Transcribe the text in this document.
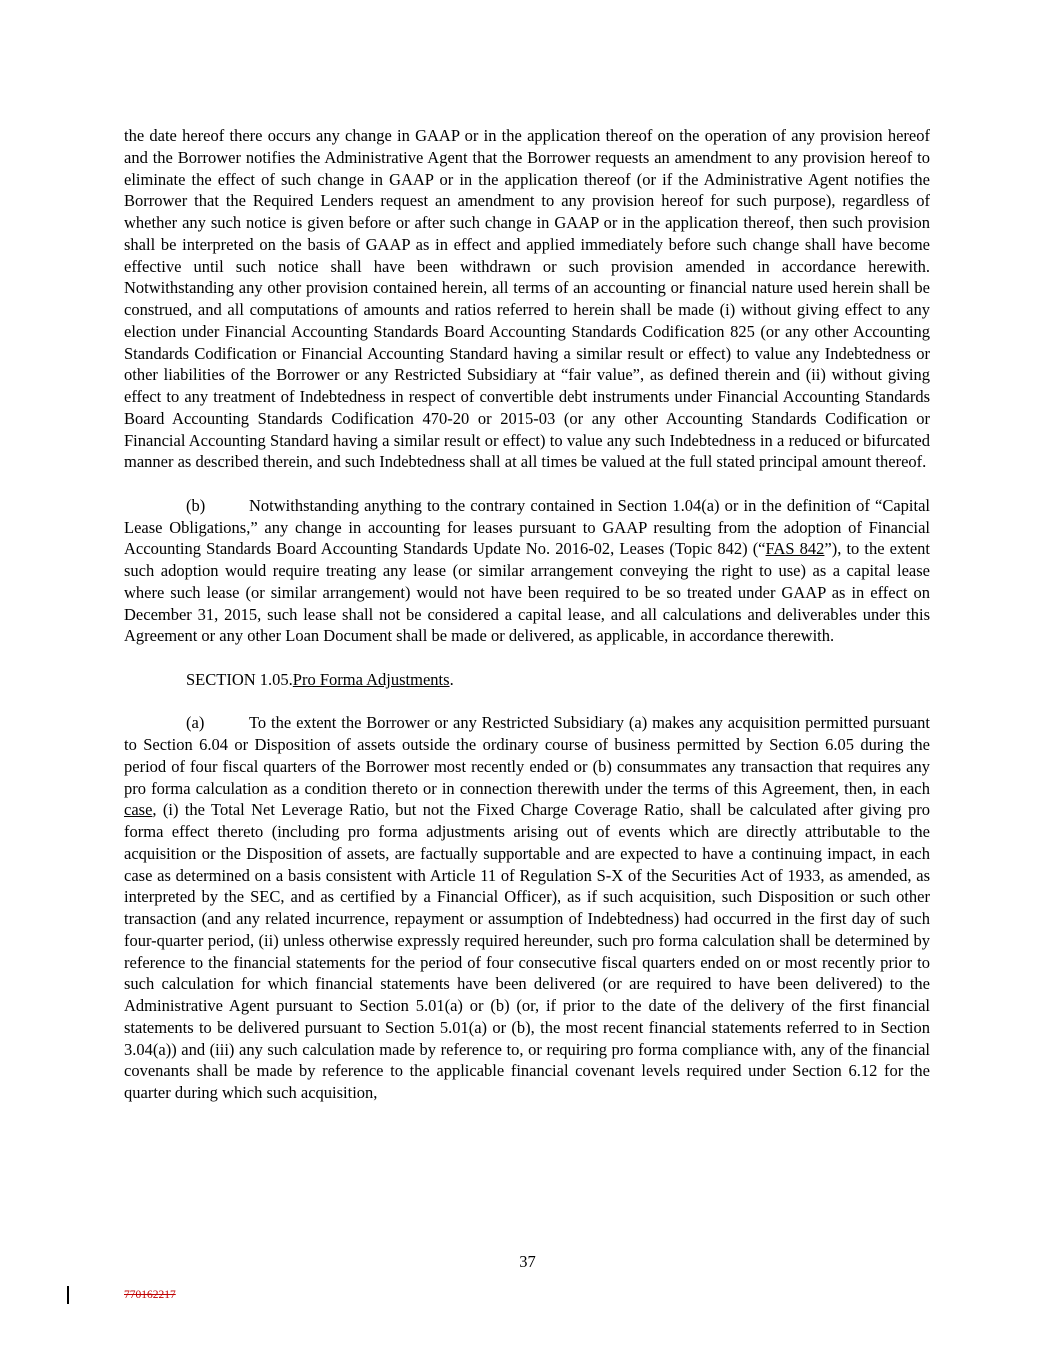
the date hereof there occurs any change in GAAP or in the application thereof on the operation of any provision hereof and the Borrower notifies the Administrative Agent that the Borrower requests an amendment to any provision hereof to eliminate the effect of such change in GAAP or in the application thereof (or if the Administrative Agent notifies the Borrower that the Required Lenders request an amendment to any provision hereof for such purpose), regardless of whether any such notice is given before or after such change in GAAP or in the application thereof, then such provision shall be interpreted on the basis of GAAP as in effect and applied immediately before such change shall have become effective until such notice shall have been withdrawn or such provision amended in accordance herewith. Notwithstanding any other provision contained herein, all terms of an accounting or financial nature used herein shall be construed, and all computations of amounts and ratios referred to herein shall be made (i) without giving effect to any election under Financial Accounting Standards Board Accounting Standards Codification 825 (or any other Accounting Standards Codification or Financial Accounting Standard having a similar result or effect) to value any Indebtedness or other liabilities of the Borrower or any Restricted Subsidiary at “fair value”, as defined therein and (ii) without giving effect to any treatment of Indebtedness in respect of convertible debt instruments under Financial Accounting Standards Board Accounting Standards Codification 470-20 or 2015-03 (or any other Accounting Standards Codification or Financial Accounting Standard having a similar result or effect) to value any such Indebtedness in a reduced or bifurcated manner as described therein, and such Indebtedness shall at all times be valued at the full stated principal amount thereof.

(b)	Notwithstanding anything to the contrary contained in Section 1.04(a) or in the definition of “Capital Lease Obligations,” any change in accounting for leases pursuant to GAAP resulting from the adoption of Financial Accounting Standards Board Accounting Standards Update No. 2016-02, Leases (Topic 842) (“FAS 842”), to the extent such adoption would require treating any lease (or similar arrangement conveying the right to use) as a capital lease where such lease (or similar arrangement) would not have been required to be so treated under GAAP as in effect on December 31, 2015, such lease shall not be considered a capital lease, and all calculations and deliverables under this Agreement or any other Loan Document shall be made or delivered, as applicable, in accordance therewith.

SECTION 1.05.Pro Forma Adjustments.

(a)	To the extent the Borrower or any Restricted Subsidiary (a) makes any acquisition permitted pursuant to Section 6.04 or Disposition of assets outside the ordinary course of business permitted by Section 6.05 during the period of four fiscal quarters of the Borrower most recently ended or (b) consummates any transaction that requires any pro forma calculation as a condition thereto or in connection therewith under the terms of this Agreement, then, in each case, (i) the Total Net Leverage Ratio, but not the Fixed Charge Coverage Ratio, shall be calculated after giving pro forma effect thereto (including pro forma adjustments arising out of events which are directly attributable to the acquisition or the Disposition of assets, are factually supportable and are expected to have a continuing impact, in each case as determined on a basis consistent with Article 11 of Regulation S-X of the Securities Act of 1933, as amended, as interpreted by the SEC, and as certified by a Financial Officer), as if such acquisition, such Disposition or such other transaction (and any related incurrence, repayment or assumption of Indebtedness) had occurred in the first day of such four-quarter period, (ii) unless otherwise expressly required hereunder, such pro forma calculation shall be determined by reference to the financial statements for the period of four consecutive fiscal quarters ended on or most recently prior to such calculation for which financial statements have been delivered (or are required to have been delivered) to the Administrative Agent pursuant to Section 5.01(a) or (b) (or, if prior to the date of the delivery of the first financial statements to be delivered pursuant to Section 5.01(a) or (b), the most recent financial statements referred to in Section 3.04(a)) and (iii) any such calculation made by reference to, or requiring pro forma compliance with, any of the financial covenants shall be made by reference to the applicable financial covenant levels required under Section 6.12 for the quarter during which such acquisition,

37
770162217
